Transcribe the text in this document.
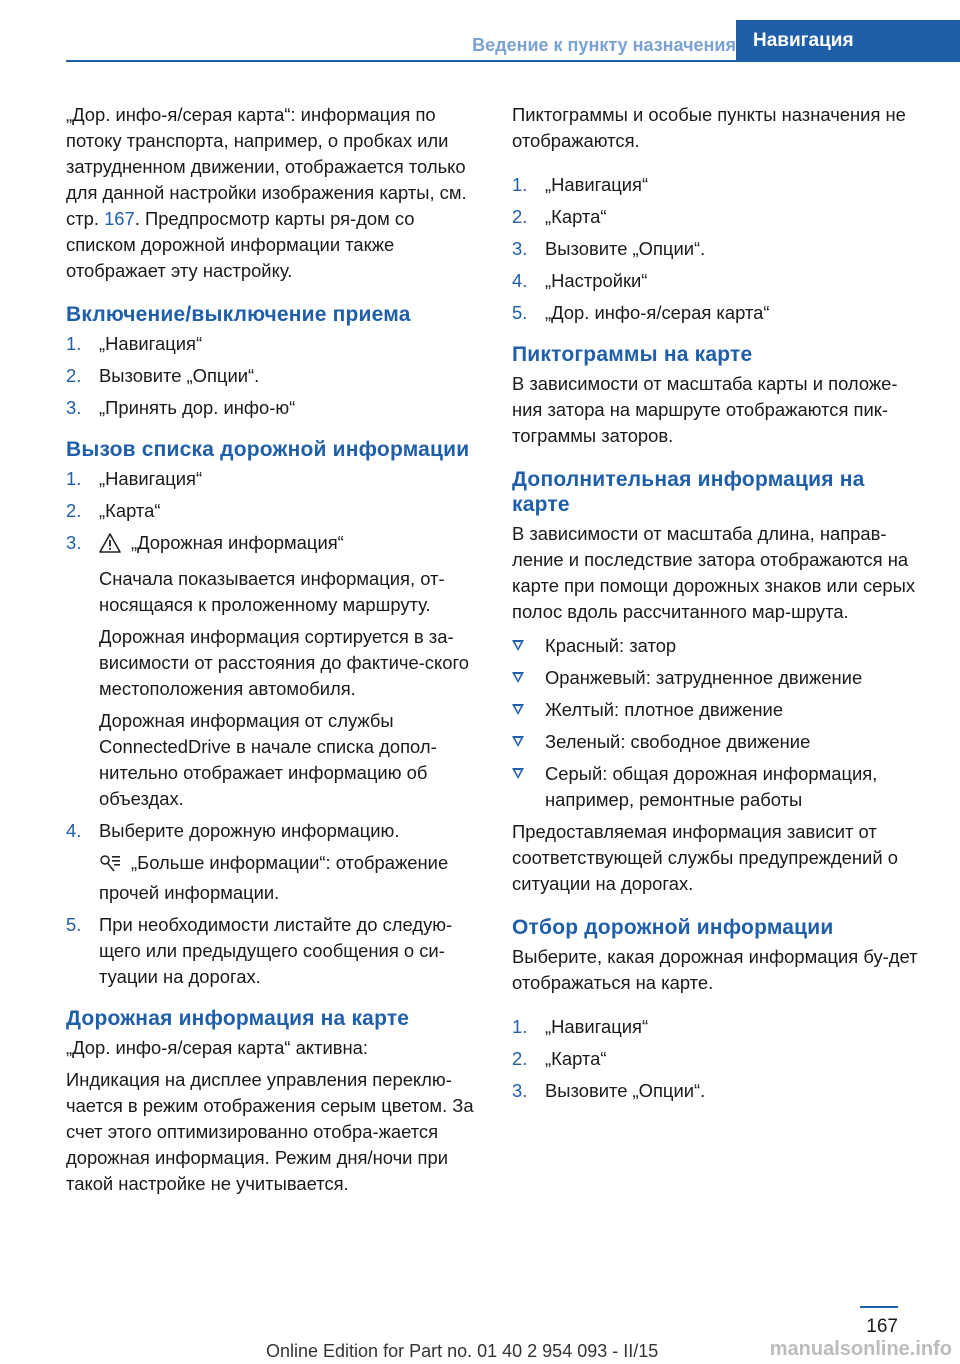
Ведение к пункту назначения Навигация

„Дор. инфо-я/серая карта“: информация по потоку транспорта, например, о пробках или затрудненном движении, отображается только для данной настройки изображения карты, см. стр. 167. Предпросмотр карты ря-дом со списком дорожной информации также отображает эту настройку.

Включение/выключение приема
1. „Навигация“
2. Вызовите „Опции“.
3. „Принять дор. инфо-ю“
Вызов списка дорожной информации
1. „Навигация“
2. „Карта“
3.	„Дорожная информация“

Сначала показывается информация, от-носящаяся к проложенному маршруту.

Дорожная информация сортируется в за-висимости от расстояния до фактиче-ского местоположения автомобиля.

Дорожная информация от службы ConnectedDrive в начале списка допол-нительно отображает информацию об объездах.

4. Выберите дорожную информацию.

„Больше информации“: отображение прочей информации.

5. При необходимости листайте до следую-щего или предыдущего сообщения о си-туации на дорогах.
Дорожная информация на карте

„Дор. инфо-я/серая карта“ активна:

Индикация на дисплее управления переклю-чается в режим отображения серым цветом. За счет этого оптимизированно отобра-жается дорожная информация. Режим дня/ночи при такой настройке не учитывается.

Пиктограммы и особые пункты назначения не отображаются.

1. „Навигация“
2. „Карта“
3. Вызовите „Опции“.
4. „Настройки“
5. „Дор. инфо-я/серая карта“
Пиктограммы на карте

В зависимости от масштаба карты и положе-ния затора на маршруте отображаются пик-тограммы заторов.

Дополнительная информация на карте

В зависимости от масштаба длина, направ-ление и последствие затора отображаются на карте при помощи дорожных знаков или серых полос вдоль рассчитанного мар-шрута.

Красный: затор
Оранжевый: затрудненное движение
Желтый: плотное движение
Зеленый: свободное движение
Серый: общая дорожная информация, например, ремонтные работы

Предоставляемая информация зависит от соответствующей службы предупреждений о ситуации на дорогах.

Отбор дорожной информации

Выберите, какая дорожная информация бу-дет отображаться на карте.

1. „Навигация“
2. „Карта“
3. Вызовите „Опции“.
167
Online Edition for Part no. 01 40 2 954 093 - II/15	manualsonline.info
